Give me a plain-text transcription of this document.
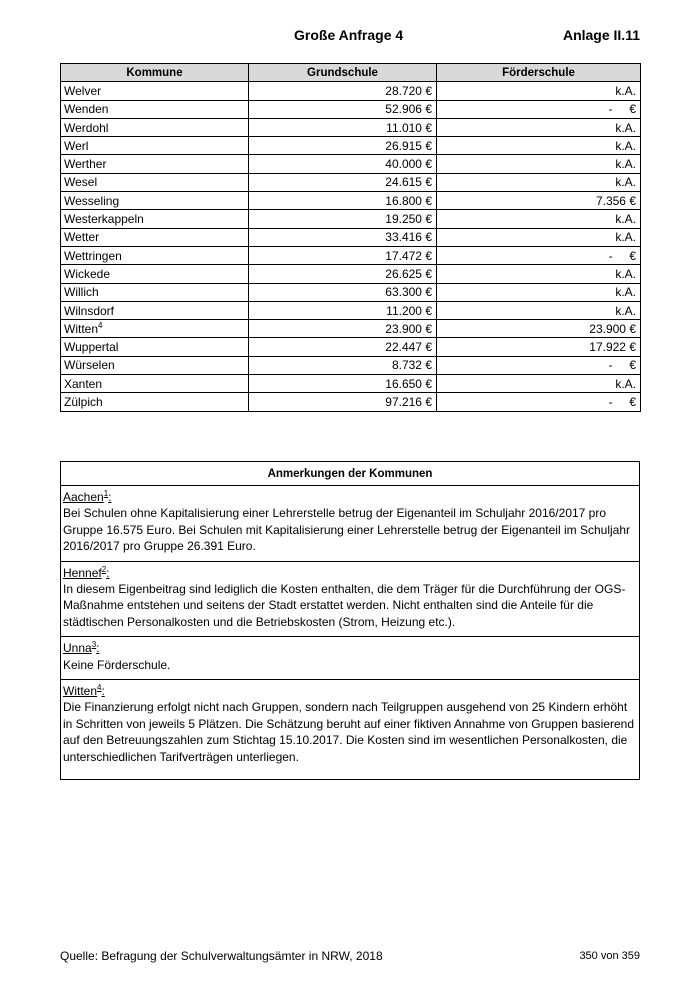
Große Anfrage 4	Anlage II.11
Kommune	Grundschule	Förderschule
Welver	28.720 €	k.A.
Wenden	52.906 €	-     €
Werdohl	11.010 €	k.A.
Werl	26.915 €	k.A.
Werther	40.000 €	k.A.
Wesel	24.615 €	k.A.
Wesseling	16.800 €	7.356 €
Westerkappeln	19.250 €	k.A.
Wetter	33.416 €	k.A.
Wettringen	17.472 €	-     €
Wickede	26.625 €	k.A.
Willich	63.300 €	k.A.
Wilnsdorf	11.200 €	k.A.
Witten$^4$	23.900 €	23.900 €
Wuppertal	22.447 €	17.922 €
Würselen	8.732 €	-     €
Xanten	16.650 €	k.A.
Zülpich	97.216 €	-     €
Anmerkungen der Kommunen
Aachen$^1$:
Bei Schulen ohne Kapitalisierung einer Lehrerstelle betrug der Eigenanteil im Schuljahr 2016/2017 pro Gruppe 16.575 Euro. Bei Schulen mit Kapitalisierung einer Lehrerstelle betrug der Eigenanteil im Schuljahr 2016/2017 pro Gruppe 26.391 Euro.
Hennef$^2$:
In diesem Eigenbeitrag sind lediglich die Kosten enthalten, die dem Träger für die Durchführung der OGS-Maßnahme entstehen und seitens der Stadt erstattet werden. Nicht enthalten sind die Anteile für die städtischen Personalkosten und die Betriebskosten (Strom, Heizung etc.).
Unna$^3$:
Keine Förderschule.
Witten$^4$:
Die Finanzierung erfolgt nicht nach Gruppen, sondern nach Teilgruppen ausgehend von 25 Kindern erhöht in Schritten von jeweils 5 Plätzen. Die Schätzung beruht auf einer fiktiven Annahme von Gruppen basierend auf den Betreuungszahlen zum Stichtag 15.10.2017. Die Kosten sind im wesentlichen Personalkosten, die unterschiedlichen Tarifverträgen unterliegen.
Quelle: Befragung der Schulverwaltungsämter in NRW, 2018	350 von 359
